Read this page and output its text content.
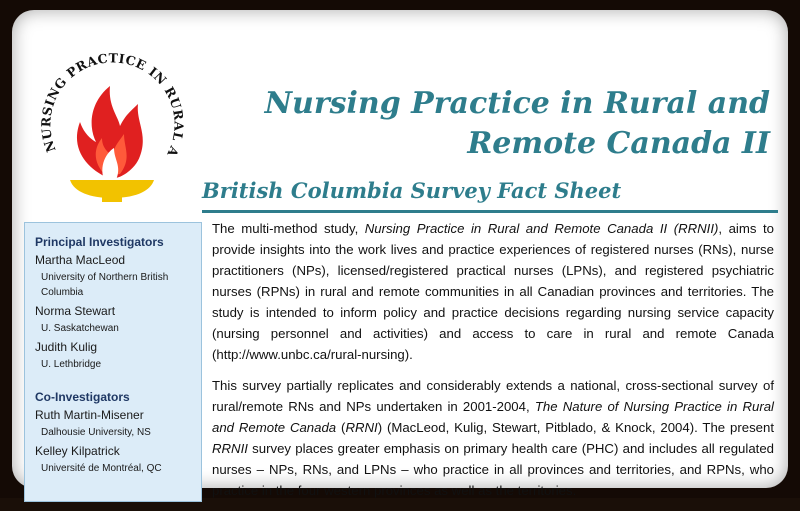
NURSING PRACTICE IN RURAL A
Nursing Practice in Rural and
Remote Canada II
British Columbia Survey Fact Sheet
Principal Investigators
Martha MacLeod
University of Northern British Columbia
Norma Stewart
U. Saskatchewan
Judith Kulig
U. Lethbridge
Co-Investigators
Ruth Martin-Misener
Dalhousie University, NS
Kelley Kilpatrick
Université de Montréal, QC

The multi-method study, Nursing Practice in Rural and Remote Canada II (RRNII), aims to provide insights into the work lives and practice experiences of registered nurses (RNs), nurse practitioners (NPs), licensed/registered practical nurses (LPNs), and registered psychiatric nurses (RPNs) in rural and remote communities in all Canadian provinces and territories. The study is intended to inform policy and practice decisions regarding nursing service capacity (nursing personnel and activities) and access to care in rural and remote Canada (http://www.unbc.ca/rural-nursing).

This survey partially replicates and considerably extends a national, cross-sectional survey of rural/remote RNs and NPs undertaken in 2001-2004, The Nature of Nursing Practice in Rural and Remote Canada (RRNI) (MacLeod, Kulig, Stewart, Pitblado, & Knock, 2004). The present RRNII survey places greater emphasis on primary health care (PHC) and includes all regulated nurses – NPs, RNs, and LPNs – who practice in all provinces and territories, and RPNs, who practice in the four western provinces as well as the territories.
